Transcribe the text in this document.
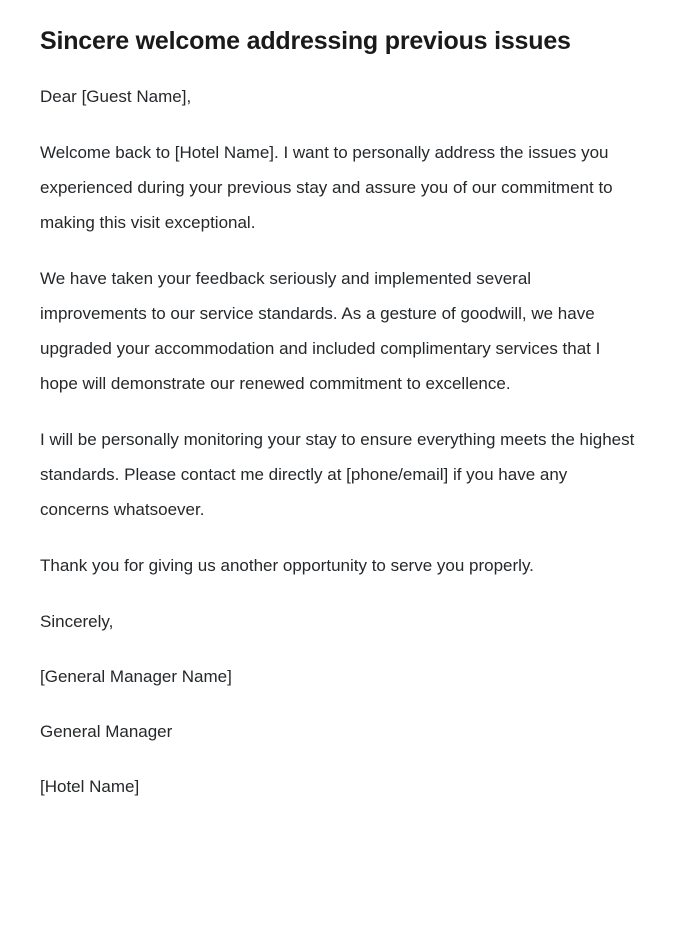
Sincere welcome addressing previous issues

Dear [Guest Name],

Welcome back to [Hotel Name]. I want to personally address the issues you experienced during your previous stay and assure you of our commitment to making this visit exceptional.

We have taken your feedback seriously and implemented several improvements to our service standards. As a gesture of goodwill, we have upgraded your accommodation and included complimentary services that I hope will demonstrate our renewed commitment to excellence.

I will be personally monitoring your stay to ensure everything meets the highest standards. Please contact me directly at [phone/email] if you have any concerns whatsoever.

Thank you for giving us another opportunity to serve you properly.

Sincerely,

[General Manager Name]

General Manager

[Hotel Name]
